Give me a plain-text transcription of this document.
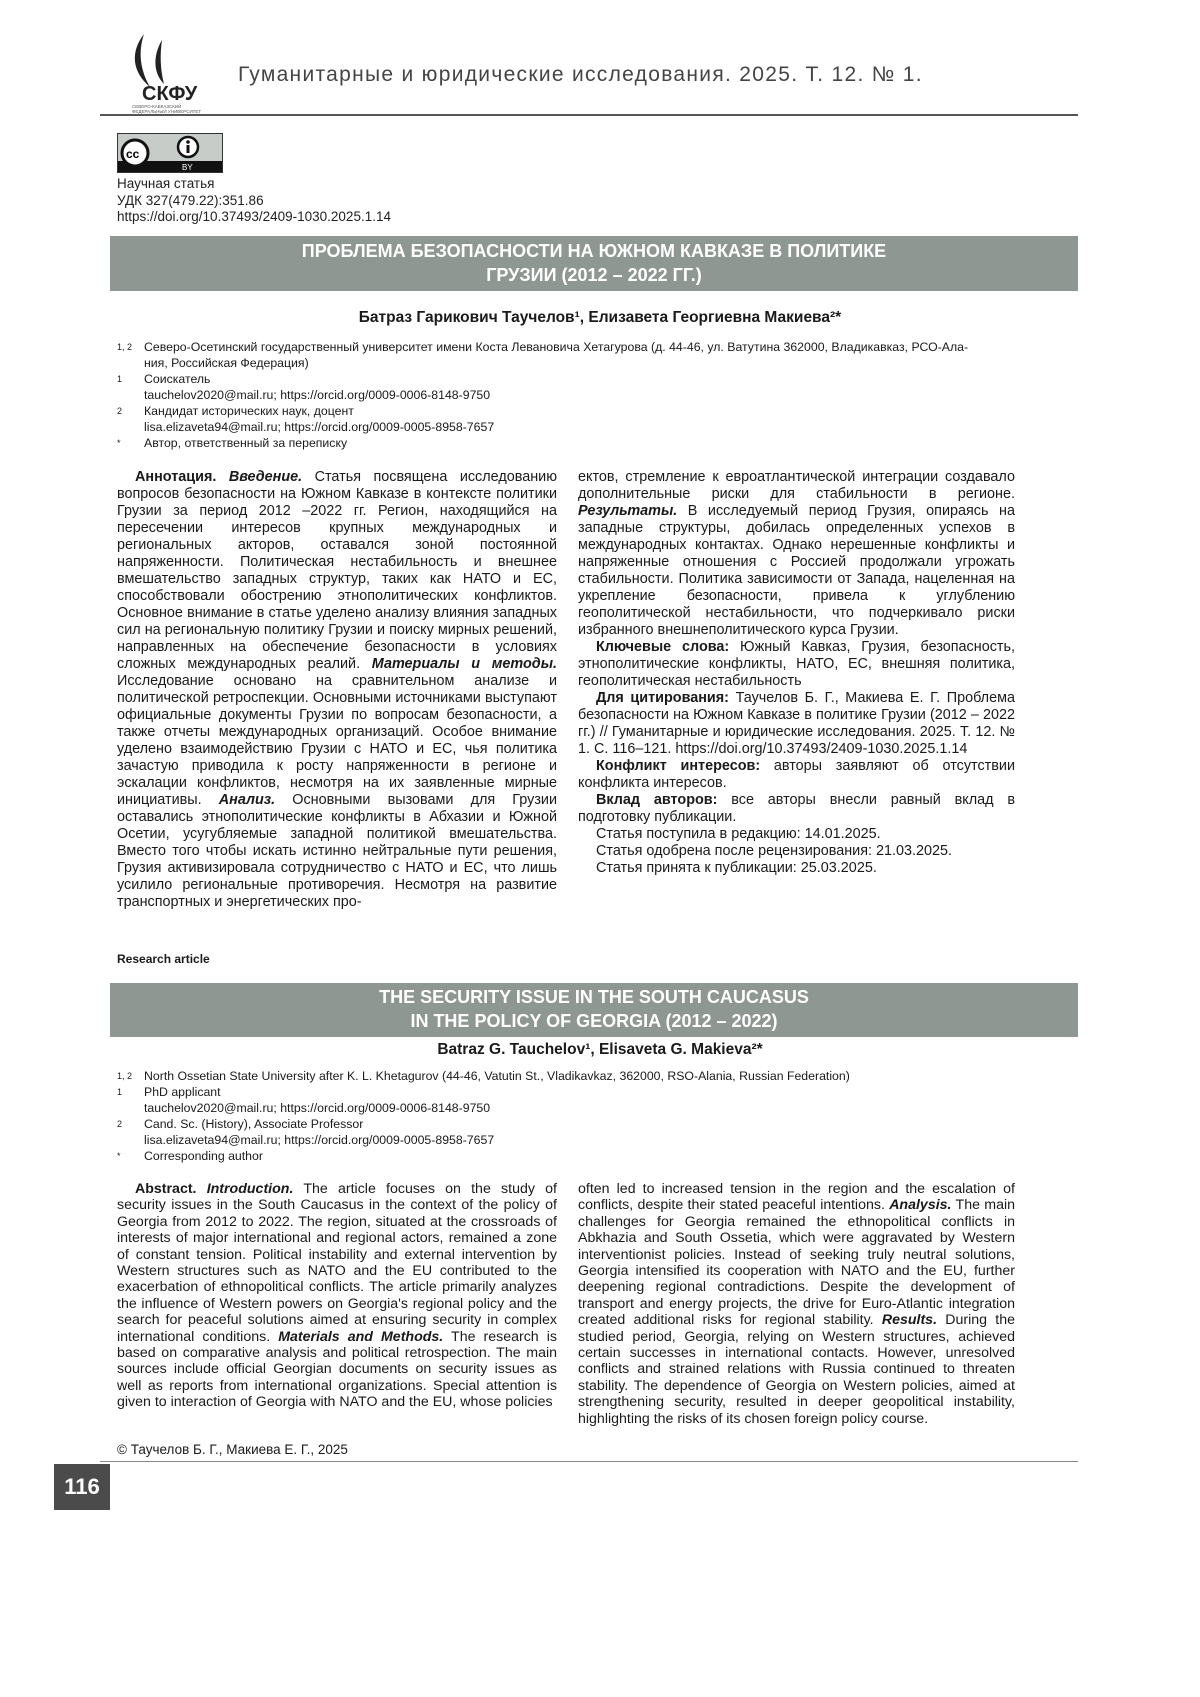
СКФУ
СЕВЕРО-КАВКАЗСКИЙ
ФЕДЕРАЛЬНЫЙ УНИВЕРСИТЕТ
Гуманитарные и юридические исследования. 2025. Т. 12. № 1.
cc
BY
Научная статья
УДК 327(479.22):351.86
https://doi.org/10.37493/2409-1030.2025.1.14
ПРОБЛЕМА БЕЗОПАСНОСТИ НА ЮЖНОМ КАВКАЗЕ В ПОЛИТИКЕ
ГРУЗИИ (2012 – 2022 ГГ.)
Батраз Гарикович Таучелов¹, Елизавета Георгиевна Макиева²*
1, 2 Северо-Осетинский государственный университет имени Коста Левановича Хетагурова (д. 44-46, ул. Ватутина 362000, Владикавказ, РСО-Ала-
ния, Российская Федерация)
1	Соискатель
tauchelov2020@mail.ru; https://orcid.org/0009-0006-8148-9750
2	Кандидат исторических наук, доцент
lisa.elizaveta94@mail.ru; https://orcid.org/0009-0005-8958-7657
*	Автор, ответственный за переписку

Аннотация. Введение. Статья посвящена исследованию вопросов безопасности на Южном Кавказе в контексте политики Грузии за период 2012 –2022 гг. Регион, находящийся на пересечении интересов крупных международных и региональных акторов, оставался зоной постоянной напряженности. Политическая нестабильность и внешнее вмешательство западных структур, таких как НАТО и ЕС, способствовали обострению этнополитических конфликтов. Основное внимание в статье уделено анализу влияния западных сил на региональную политику Грузии и поиску мирных решений, направленных на обеспечение безопасности в условиях сложных международных реалий. Материалы и методы. Исследование основано на сравнительном анализе и политической ретроспекции. Основными источниками выступают официальные документы Грузии по вопросам безопасности, а также отчеты международных организаций. Особое внимание уделено взаимодействию Грузии с НАТО и ЕС, чья политика зачастую приводила к росту напряженности в регионе и эскалации конфликтов, несмотря на их заявленные мирные инициативы. Анализ. Основными вызовами для Грузии оставались этнополитические конфликты в Абхазии и Южной Осетии, усугубляемые западной политикой вмешательства. Вместо того чтобы искать истинно нейтральные пути решения, Грузия активизировала сотрудничество с НАТО и ЕС, что лишь усилило региональные противоречия. Несмотря на развитие транспортных и энергетических про-

ектов, стремление к евроатлантической интеграции создавало дополнительные риски для стабильности в регионе. Результаты. В исследуемый период Грузия, опираясь на западные структуры, добилась определенных успехов в международных контактах. Однако нерешенные конфликты и напряженные отношения с Россией продолжали угрожать стабильности. Политика зависимости от Запада, нацеленная на укрепление безопасности, привела к углублению геополитической нестабильности, что подчеркивало риски избранного внешнеполитического курса Грузии.

Ключевые слова: Южный Кавказ, Грузия, безопасность, этнополитические конфликты, НАТО, ЕС, внешняя политика, геополитическая нестабильность

Для цитирования: Таучелов Б. Г., Макиева Е. Г. Проблема безопасности на Южном Кавказе в политике Грузии (2012 – 2022 гг.) // Гуманитарные и юридические исследования. 2025. Т. 12. № 1. С. 116–121. https://doi.org/10.37493/2409-1030.2025.1.14

Конфликт интересов: авторы заявляют об отсутствии конфликта интересов.

Вклад авторов: все авторы внесли равный вклад в подготовку публикации.

Статья поступила в редакцию: 14.01.2025.

Статья одобрена после рецензирования: 21.03.2025.

Статья принята к публикации: 25.03.2025.

Research article
THE SECURITY ISSUE IN THE SOUTH CAUCASUS
IN THE POLICY OF GEORGIA (2012 – 2022)
Batraz G. Tauchelov¹, Elisaveta G. Makieva²*
1, 2 North Ossetian State University after K. L. Khetagurov (44-46, Vatutin St., Vladikavkaz, 362000, RSO-Alania, Russian Federation)
1	PhD applicant
tauchelov2020@mail.ru; https://orcid.org/0009-0006-8148-9750
2	Cand. Sc. (History), Associate Professor
lisa.elizaveta94@mail.ru; https://orcid.org/0009-0005-8958-7657
*	Corresponding author

Abstract. Introduction. The article focuses on the study of security issues in the South Caucasus in the context of the policy of Georgia from 2012 to 2022. The region, situated at the crossroads of interests of major international and regional actors, remained a zone of constant tension. Political instability and external intervention by Western structures such as NATO and the EU contributed to the exacerbation of ethnopolitical conflicts. The article primarily analyzes the influence of Western powers on Georgia's regional policy and the search for peaceful solutions aimed at ensuring security in complex international conditions. Materials and Methods. The research is based on comparative analysis and political retrospection. The main sources include official Georgian documents on security issues as well as reports from international organizations. Special attention is given to interaction of Georgia with NATO and the EU, whose policies

often led to increased tension in the region and the escalation of conflicts, despite their stated peaceful intentions. Analysis. The main challenges for Georgia remained the ethnopolitical conflicts in Abkhazia and South Ossetia, which were aggravated by Western interventionist policies. Instead of seeking truly neutral solutions, Georgia intensified its cooperation with NATO and the EU, further deepening regional contradictions. Despite the development of transport and energy projects, the drive for Euro-Atlantic integration created additional risks for regional stability. Results. During the studied period, Georgia, relying on Western structures, achieved certain successes in international contacts. However, unresolved conflicts and strained relations with Russia continued to threaten stability. The dependence of Georgia on Western policies, aimed at strengthening security, resulted in deeper geopolitical instability, highlighting the risks of its chosen foreign policy course.

© Таучелов Б. Г., Макиева Е. Г., 2025
116
